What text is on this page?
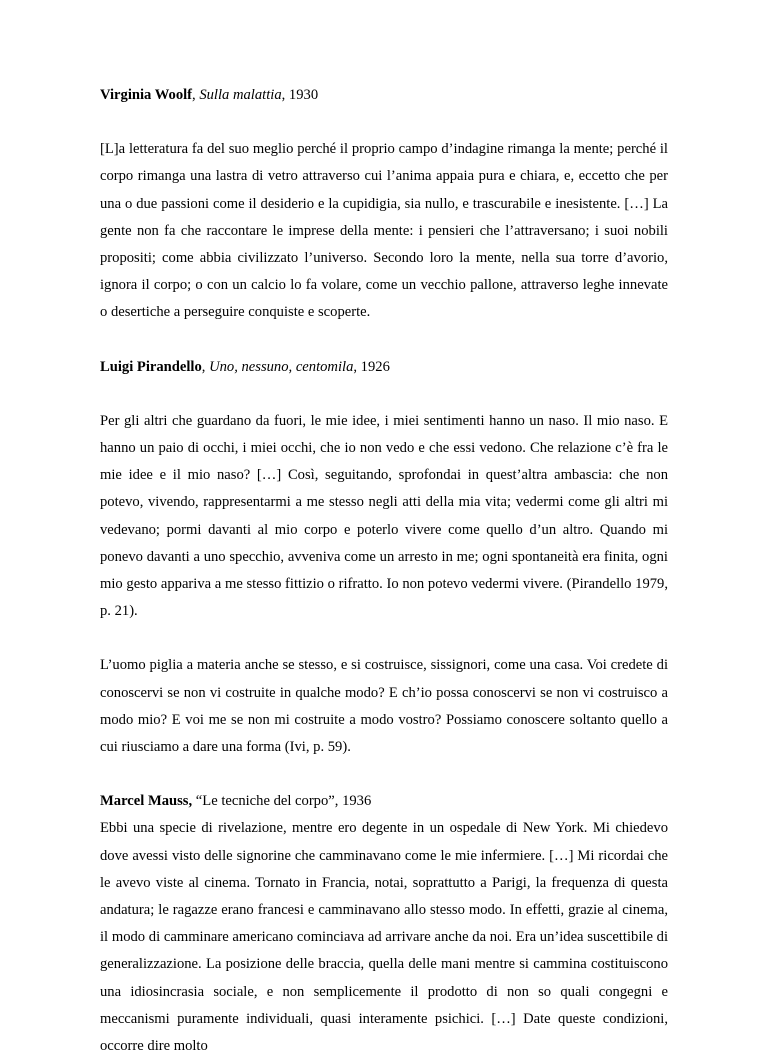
Virginia Woolf, Sulla malattia, 1930

[L]a letteratura fa del suo meglio perché il proprio campo d’indagine rimanga la mente; perché il corpo rimanga una lastra di vetro attraverso cui l’anima appaia pura e chiara, e, eccetto che per una o due passioni come il desiderio e la cupidigia, sia nullo, e trascurabile e inesistente. […] La gente non fa che raccontare le imprese della mente: i pensieri che l’attraversano; i suoi nobili propositi; come abbia civilizzato l’universo. Secondo loro la mente, nella sua torre d’avorio, ignora il corpo; o con un calcio lo fa volare, come un vecchio pallone, attraverso leghe innevate o desertiche a perseguire conquiste e scoperte.

Luigi Pirandello, Uno, nessuno, centomila, 1926

Per gli altri che guardano da fuori, le mie idee, i miei sentimenti hanno un naso. Il mio naso. E hanno un paio di occhi, i miei occhi, che io non vedo e che essi vedono. Che relazione c’è fra le mie idee e il mio naso? […] Così, seguitando, sprofondai in quest’altra ambascia: che non potevo, vivendo, rappresentarmi a me stesso negli atti della mia vita; vedermi come gli altri mi vedevano; pormi davanti al mio corpo e poterlo vivere come quello d’un altro. Quando mi ponevo davanti a uno specchio, avveniva come un arresto in me; ogni spontaneità era finita, ogni mio gesto appariva a me stesso fittizio o rifratto. Io non potevo vedermi vivere. (Pirandello 1979, p. 21).

L’uomo piglia a materia anche se stesso, e si costruisce, sissignori, come una casa. Voi credete di conoscervi se non vi costruite in qualche modo? E ch’io possa conoscervi se non vi costruisco a modo mio? E voi me se non mi costruite a modo vostro? Possiamo conoscere soltanto quello a cui riusciamo a dare una forma (Ivi, p. 59).

Marcel Mauss, “Le tecniche del corpo”, 1936

Ebbi una specie di rivelazione, mentre ero degente in un ospedale di New York. Mi chiedevo dove avessi visto delle signorine che camminavano come le mie infermiere. […] Mi ricordai che le avevo viste al cinema. Tornato in Francia, notai, soprattutto a Parigi, la frequenza di questa andatura; le ragazze erano francesi e camminavano allo stesso modo. In effetti, grazie al cinema, il modo di camminare americano cominciava ad arrivare anche da noi. Era un’idea suscettibile di generalizzazione. La posizione delle braccia, quella delle mani mentre si cammina costituiscono una idiosincrasia sociale, e non semplicemente il prodotto di non so quali congegni e meccanismi puramente individuali, quasi interamente psichici. […] Date queste condizioni, occorre dire molto
